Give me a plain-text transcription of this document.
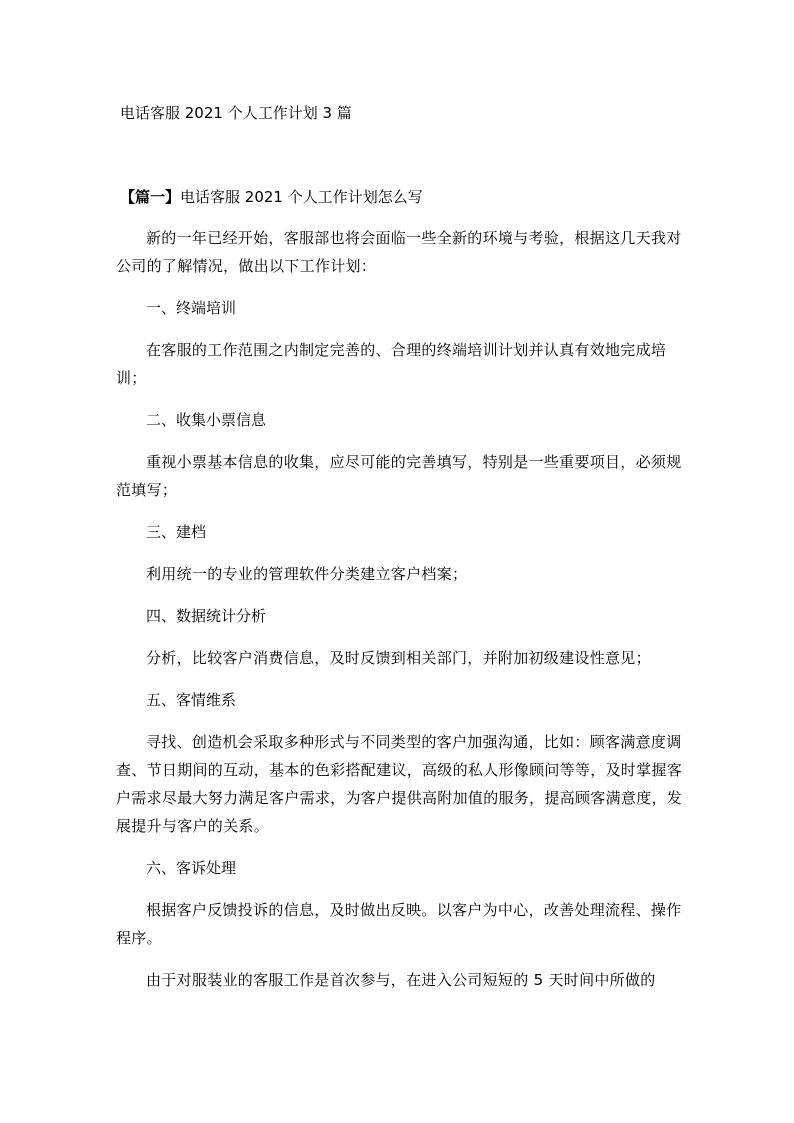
电话客服 2021 个人工作计划 3 篇
【篇一】电话客服 2021 个人工作计划怎么写

新的一年已经开始，客服部也将会面临一些全新的环境与考验，根据这几天我对公司的了解情况，做出以下工作计划：

一、终端培训

在客服的工作范围之内制定完善的、合理的终端培训计划并认真有效地完成培训；

二、收集小票信息

重视小票基本信息的收集，应尽可能的完善填写，特别是一些重要项目，必须规范填写；

三、建档

利用统一的专业的管理软件分类建立客户档案；

四、数据统计分析

分析，比较客户消费信息，及时反馈到相关部门，并附加初级建设性意见；

五、客情维系

寻找、创造机会采取多种形式与不同类型的客户加强沟通，比如：顾客满意度调查、节日期间的互动，基本的色彩搭配建议，高级的私人形像顾问等等，及时掌握客户需求尽最大努力满足客户需求，为客户提供高附加值的服务，提高顾客满意度，发展提升与客户的关系。

六、客诉处理

根据客户反馈投诉的信息，及时做出反映。以客户为中心，改善处理流程、操作程序。

由于对服装业的客服工作是首次参与，在进入公司短短的 5 天时间中所做的
